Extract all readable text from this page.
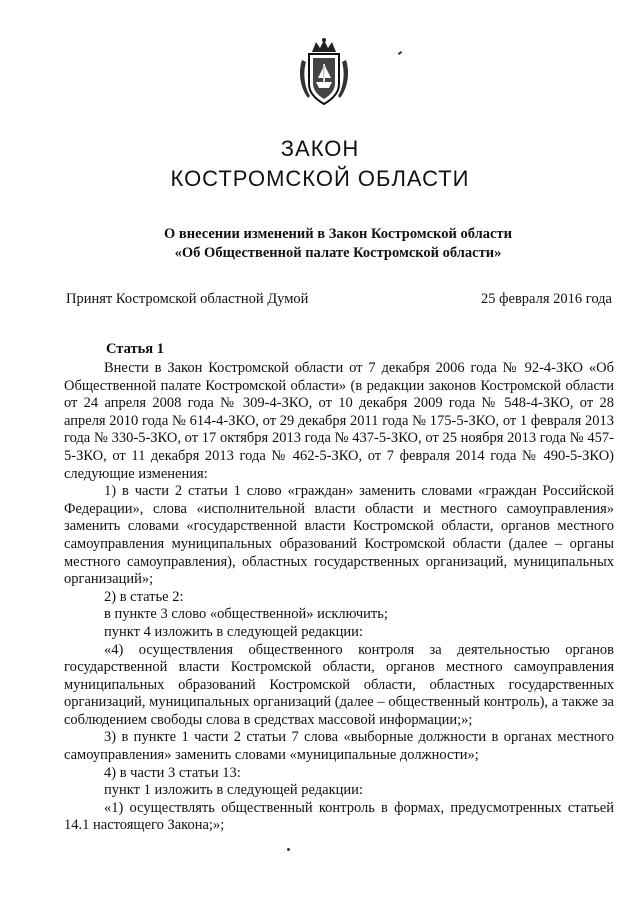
ЗАКОН
КОСТРОМСКОЙ ОБЛАСТИ
О внесении изменений в Закон Костромской области
«Об Общественной палате Костромской области»
Принят Костромской областной Думой	25 февраля 2016 года
Статья 1

Внести в Закон Костромской области от 7 декабря 2006 года № 92-4-ЗКО «Об Общественной палате Костромской области» (в редакции законов Костромской области от 24 апреля 2008 года № 309-4-ЗКО, от 10 декабря 2009 года № 548-4-ЗКО, от 28 апреля 2010 года № 614-4-ЗКО, от 29 декабря 2011 года № 175-5-ЗКО, от 1 февраля 2013 года № 330-5-ЗКО, от 17 октября 2013 года № 437-5-ЗКО, от 25 ноября 2013 года № 457-5-ЗКО, от 11 декабря 2013 года № 462-5-ЗКО, от 7 февраля 2014 года № 490-5-ЗКО) следующие изменения:

1) в части 2 статьи 1 слово «граждан» заменить словами «граждан Российской Федерации», слова «исполнительной власти области и местного самоуправления» заменить словами «государственной власти Костромской области, органов местного самоуправления муниципальных образований Костромской области (далее – органы местного самоуправления), областных государственных организаций, муниципальных организаций»;

2) в статье 2:

в пункте 3 слово «общественной» исключить;

пункт 4 изложить в следующей редакции:

«4) осуществления общественного контроля за деятельностью органов государственной власти Костромской области, органов местного самоуправления муниципальных образований Костромской области, областных государственных организаций, муниципальных организаций (далее – общественный контроль), а также за соблюдением свободы слова в средствах массовой информации;»;

3) в пункте 1 части 2 статьи 7 слова «выборные должности в органах местного самоуправления» заменить словами «муниципальные должности»;

4) в части 3 статьи 13:

пункт 1 изложить в следующей редакции:

«1) осуществлять общественный контроль в формах, предусмотренных статьей 14.1 настоящего Закона;»;
